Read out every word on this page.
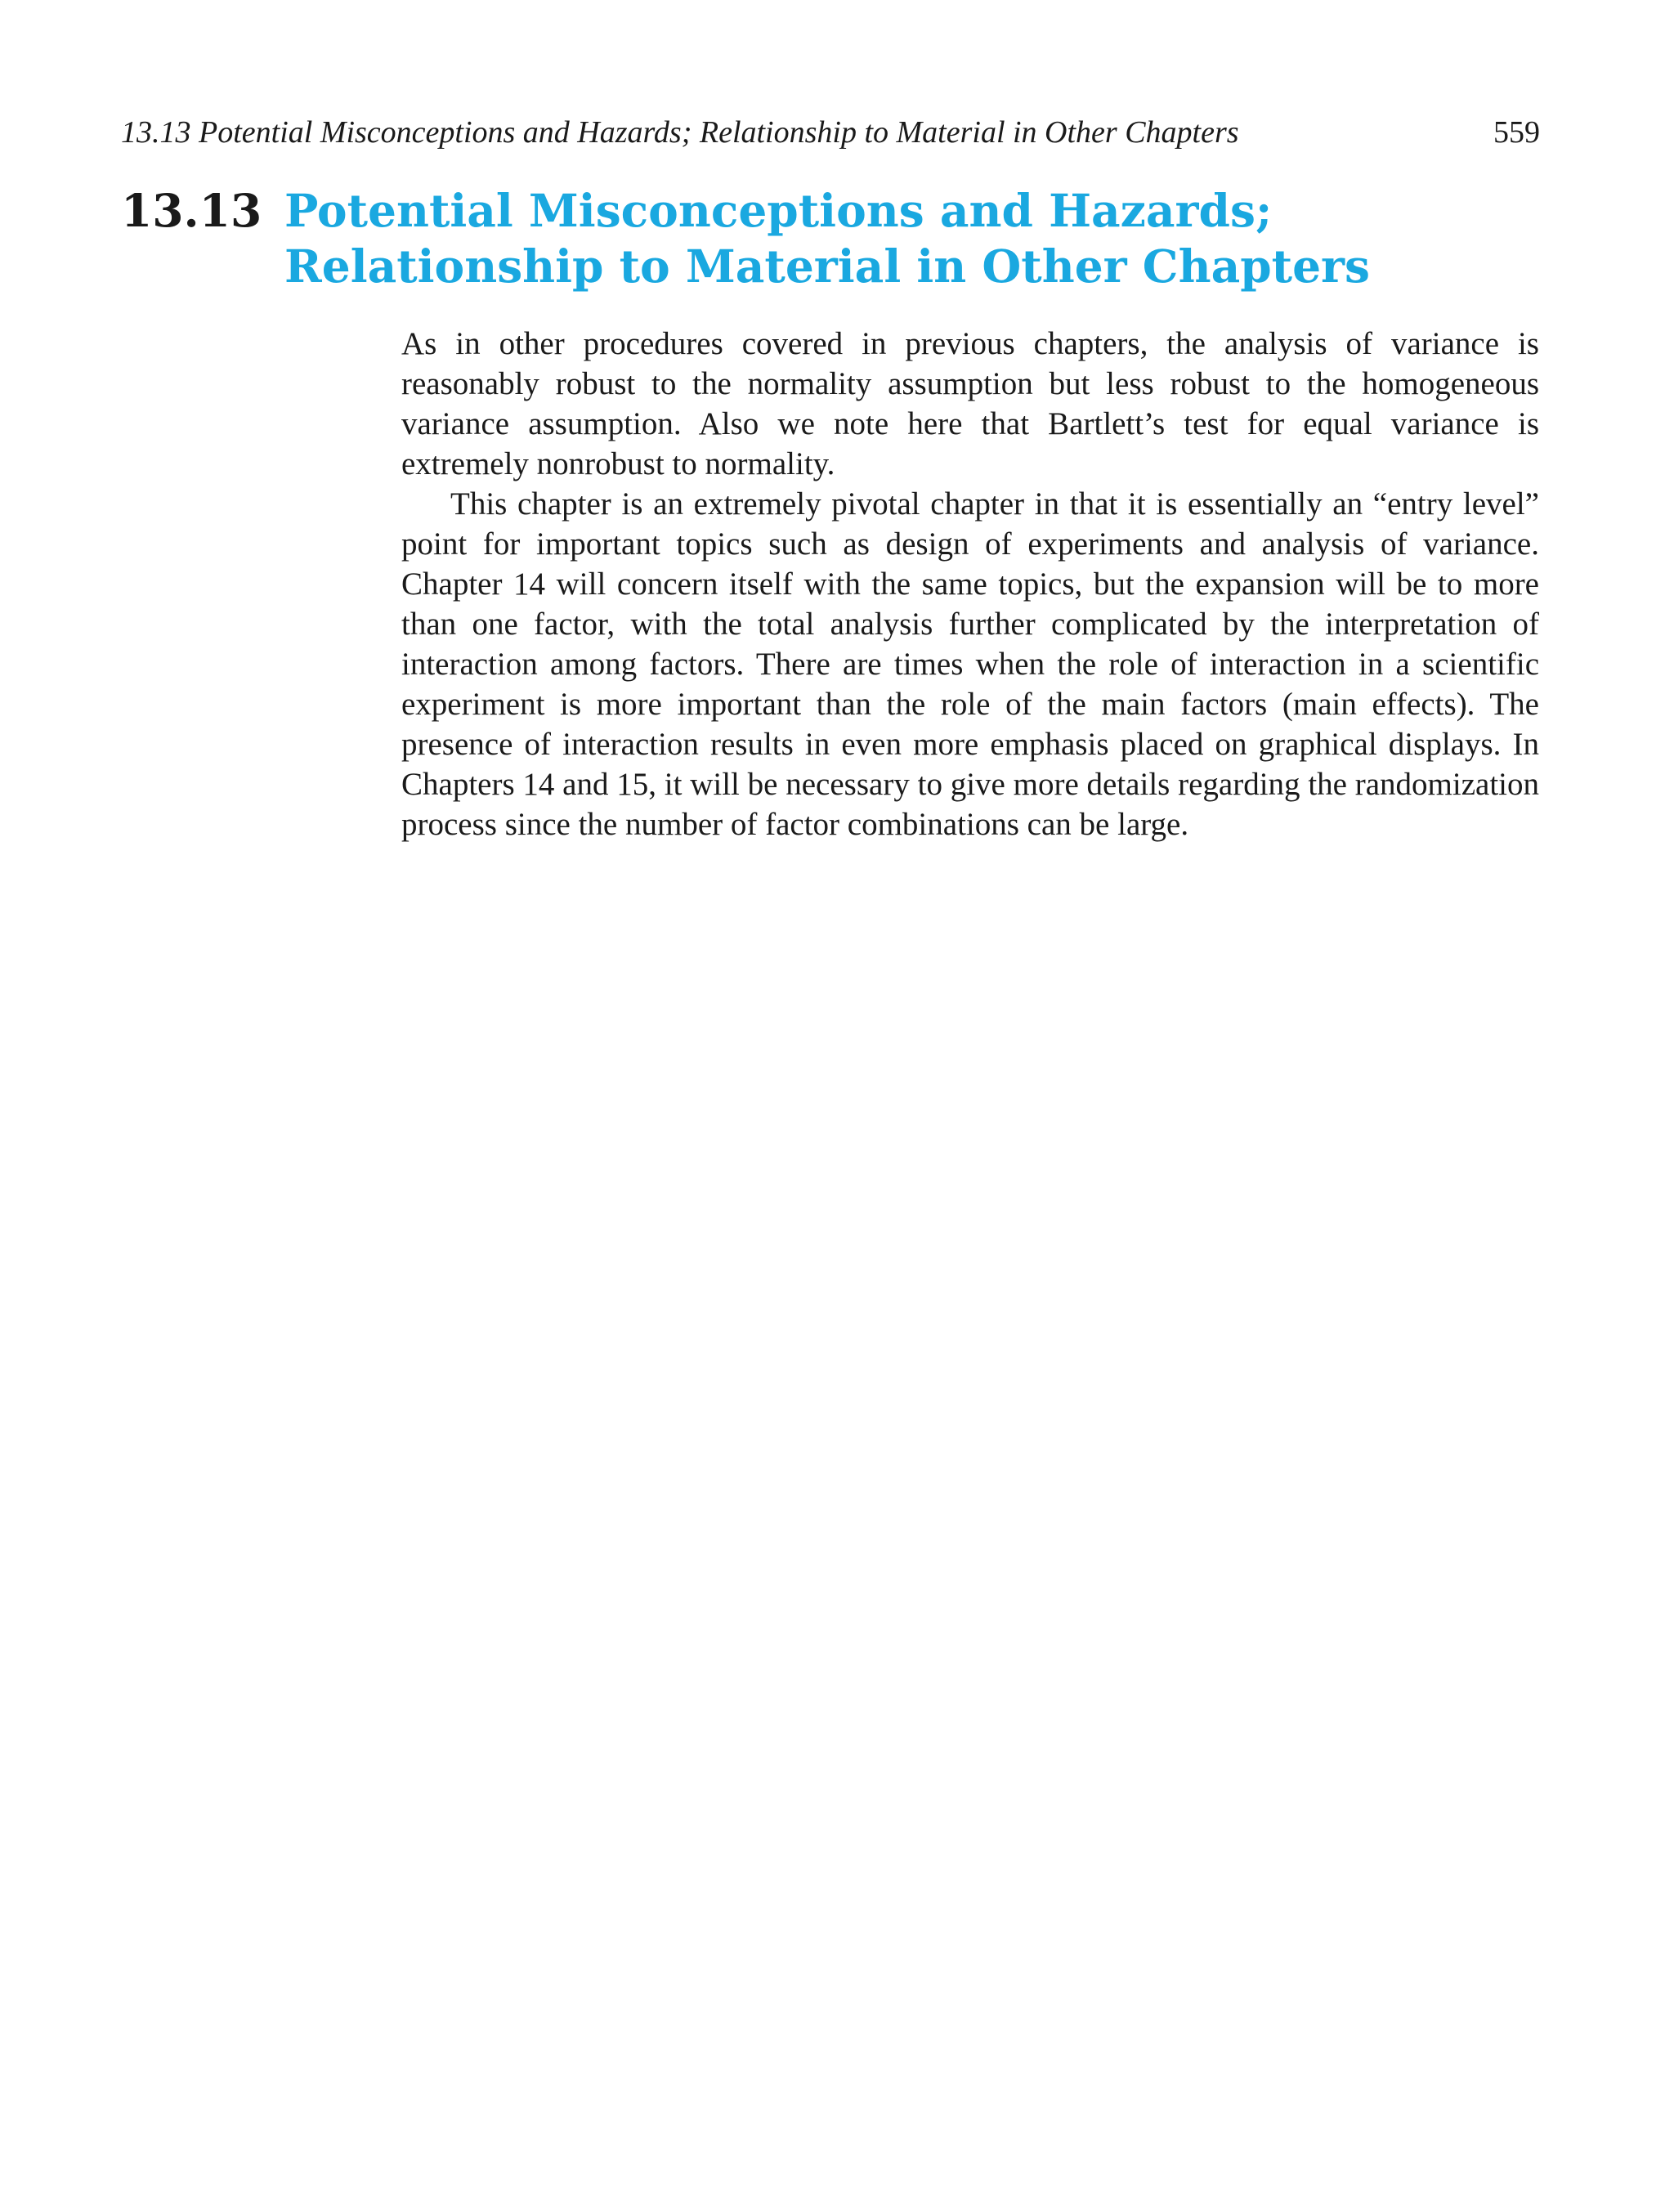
13.13 Potential Misconceptions and Hazards; Relationship to Material in Other Chapters	559
13.13 Potential Misconceptions and Hazards;
Relationship to Material in Other Chapters

As in other procedures covered in previous chapters, the analysis of variance is reasonably robust to the normality assumption but less robust to the homogeneous variance assumption. Also we note here that Bartlett’s test for equal variance is extremely nonrobust to normality.

This chapter is an extremely pivotal chapter in that it is essentially an “entry level” point for important topics such as design of experiments and analysis of variance. Chapter 14 will concern itself with the same topics, but the expansion will be to more than one factor, with the total analysis further complicated by the interpretation of interaction among factors. There are times when the role of interaction in a scientific experiment is more important than the role of the main factors (main effects). The presence of interaction results in even more emphasis placed on graphical displays. In Chapters 14 and 15, it will be necessary to give more details regarding the randomization process since the number of factor combinations can be large.
